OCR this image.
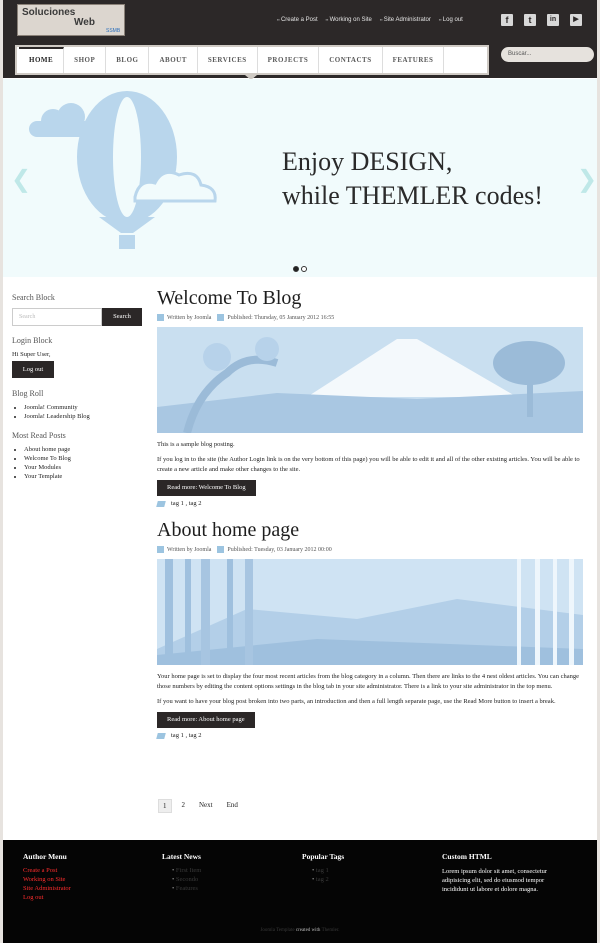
Soluciones
Web
SSMB
▪▪ Create a Post	▪▪ Working on Site	▪▪ Site Administrator	▪▪ Log out	f	t	in	▶
HOME	SHOP	BLOG	ABOUT	SERVICES	PROJECTS	CONTACTS	FEATURES
Buscar...
Enjoy DESIGN,
while THEMLER codes!
❮	❯
Search Block
Search	Search
Login Block

Hi Super User,

Log out
Blog Roll
• Joomla! Community
• Joomla! Leadership Blog
Most Read Posts
• About home page
• Welcome To Blog
• Your Modules
• Your Template
Welcome To Blog
Written by Joomla	Published: Thursday, 05 January 2012 16:55

This is a sample blog posting.

If you log in to the site (the Author Login link is on the very bottom of this page) you will be able to edit it and all of the other existing articles. You will be able to create a new article and make other changes to the site.

Read more: Welcome To Blog
tag 1 , tag 2
About home page
Written by Joomla	Published: Tuesday, 03 January 2012 00:00

Your home page is set to display the four most recent articles from the blog category in a column. Then there are links to the 4 nest oldest articles. You can change those numbers by editing the content options settings in the blog tab in your site administrator. There is a link to your site administrator in the top menu.

If you want to have your blog post broken into two parts, an introduction and then a full length separate page, use the Read More button to insert a break.

Read more: About home page
tag 1 , tag 2
1	2	Next	End
Author Menu
Create a Post
Working on Site
Site Administrator
Log out
Latest News
• First Item
• Secondo
• Features
Popular Tags
• tag 1
• tag 2
Custom HTML

Lorem ipsum dolor sit amet, consectetur adipisicing elit, sed do eiusmod tempor incididunt ut labore et dolore magna.

Joomla Template created with Themler.
